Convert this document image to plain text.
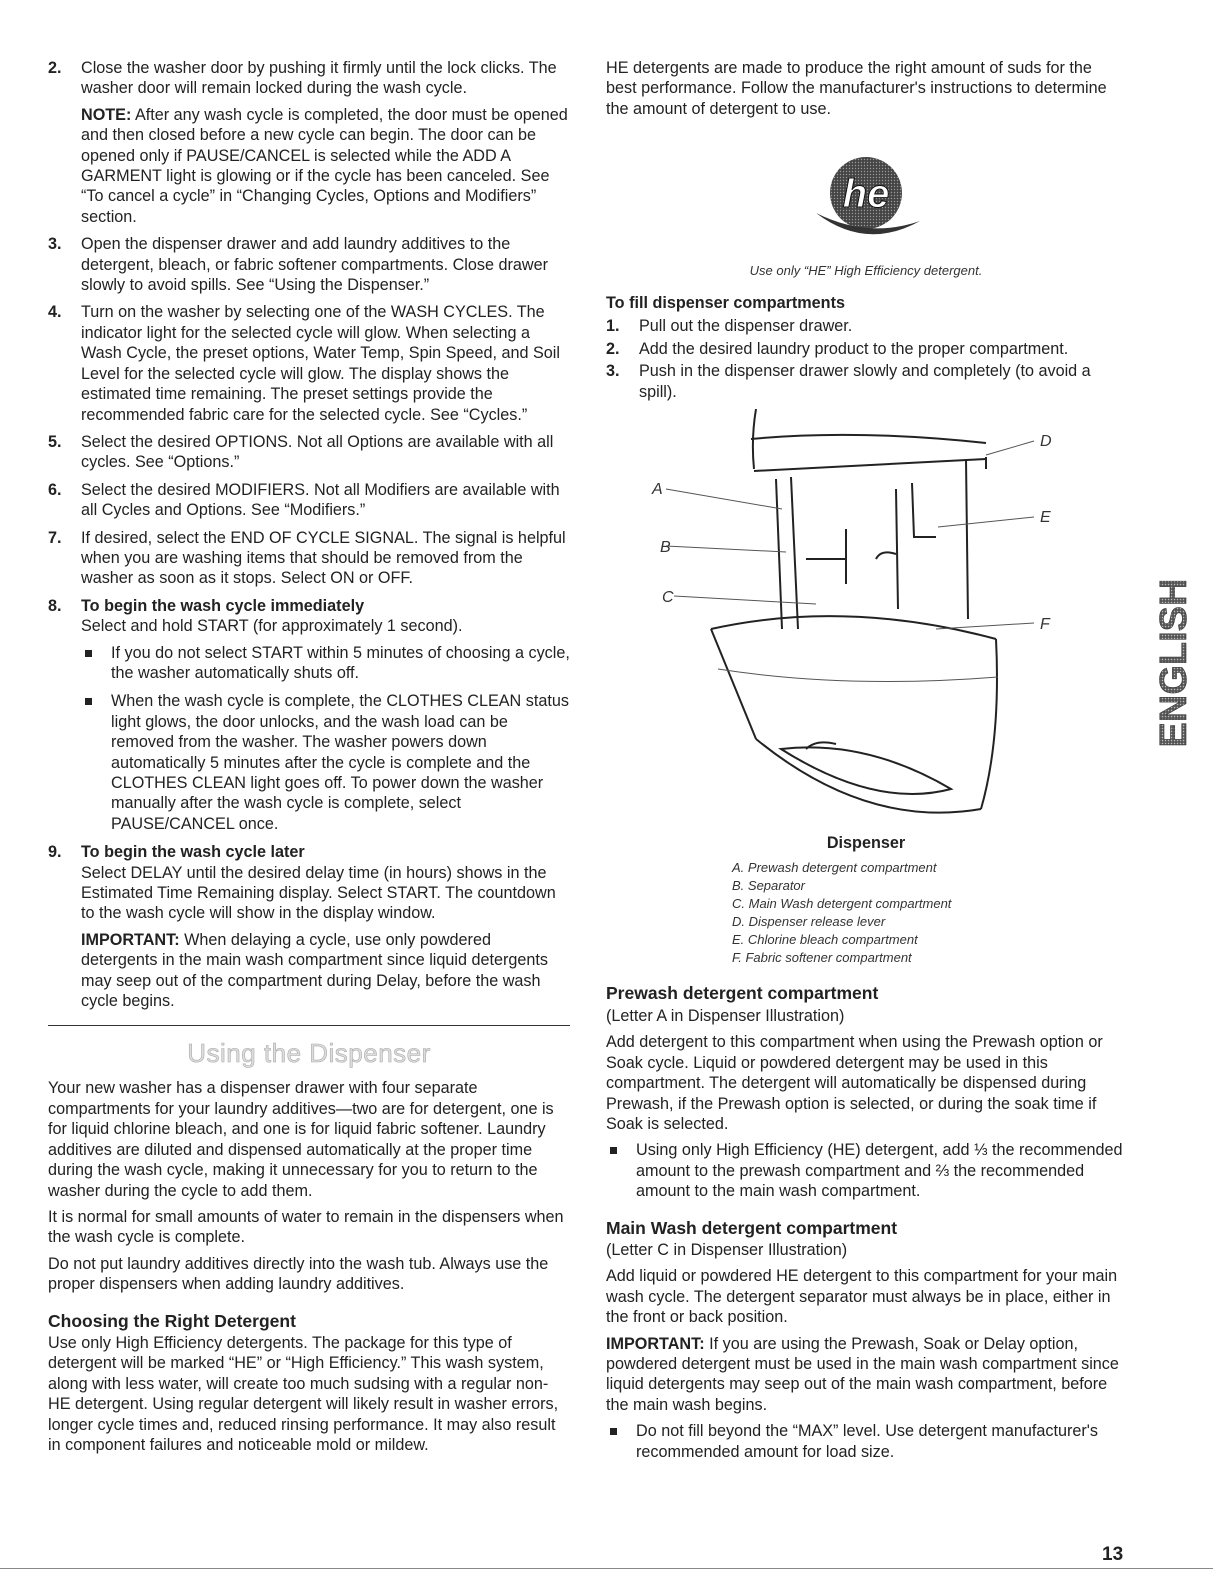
2. Close the washer door by pushing it firmly until the lock clicks. The washer door will remain locked during the wash cycle.

NOTE: After any wash cycle is completed, the door must be opened and then closed before a new cycle can begin. The door can be opened only if PAUSE/CANCEL is selected while the ADD A GARMENT light is glowing or if the cycle has been canceled. See “To cancel a cycle” in “Changing Cycles, Options and Modifiers” section.

3. Open the dispenser drawer and add laundry additives to the detergent, bleach, or fabric softener compartments. Close drawer slowly to avoid spills. See “Using the Dispenser.”

4. Turn on the washer by selecting one of the WASH CYCLES. The indicator light for the selected cycle will glow. When selecting a Wash Cycle, the preset options, Water Temp, Spin Speed, and Soil Level for the selected cycle will glow. The display shows the estimated time remaining. The preset settings provide the recommended fabric care for the selected cycle. See “Cycles.”

5. Select the desired OPTIONS. Not all Options are available with all cycles. See “Options.”

6. Select the desired MODIFIERS. Not all Modifiers are available with all Cycles and Options. See “Modifiers.”

7. If desired, select the END OF CYCLE SIGNAL. The signal is helpful when you are washing items that should be removed from the washer as soon as it stops. Select ON or OFF.

8. To begin the wash cycle immediately

Select and hold START (for approximately 1 second).

If you do not select START within 5 minutes of choosing a cycle, the washer automatically shuts off.
When the wash cycle is complete, the CLOTHES CLEAN status light glows, the door unlocks, and the wash load can be removed from the washer. The washer powers down automatically 5 minutes after the cycle is complete and the CLOTHES CLEAN light goes off. To power down the washer manually after the wash cycle is complete, select PAUSE/CANCEL once.
9. To begin the wash cycle later

Select DELAY until the desired delay time (in hours) shows in the Estimated Time Remaining display. Select START. The countdown to the wash cycle will show in the display window.

IMPORTANT: When delaying a cycle, use only powdered detergents in the main wash compartment since liquid detergents may seep out of the compartment during Delay, before the wash cycle begins.

Using the Dispenser

Your new washer has a dispenser drawer with four separate compartments for your laundry additives—two are for detergent, one is for liquid chlorine bleach, and one is for liquid fabric softener. Laundry additives are diluted and dispensed automatically at the proper time during the wash cycle, making it unnecessary for you to return to the washer during the cycle to add them.

It is normal for small amounts of water to remain in the dispensers when the wash cycle is complete.

Do not put laundry additives directly into the wash tub. Always use the proper dispensers when adding laundry additives.

Choosing the Right Detergent

Use only High Efficiency detergents. The package for this type of detergent will be marked “HE” or “High Efficiency.” This wash system, along with less water, will create too much sudsing with a regular non-HE detergent. Using regular detergent will likely result in washer errors, longer cycle times and, reduced rinsing performance. It may also result in component failures and noticeable mold or mildew.

HE detergents are made to produce the right amount of suds for the best performance. Follow the manufacturer's instructions to determine the amount of detergent to use.

he
Use only “HE” High Efficiency detergent.
To fill dispenser compartments
1. Pull out the dispenser drawer.

2. Add the desired laundry product to the proper compartment.

3. Push in the dispenser drawer slowly and completely (to avoid a spill).

A
B
C
D
E
F
Dispenser
A. Prewash detergent compartment
B. Separator
C. Main Wash detergent compartment
D. Dispenser release lever
E. Chlorine bleach compartment
F. Fabric softener compartment
Prewash detergent compartment

(Letter A in Dispenser Illustration)

Add detergent to this compartment when using the Prewash option or Soak cycle. Liquid or powdered detergent may be used in this compartment. The detergent will automatically be dispensed during Prewash, if the Prewash option is selected, or during the soak time if Soak is selected.

Using only High Efficiency (HE) detergent, add ⅓ the recommended amount to the prewash compartment and ⅔ the recommended amount to the main wash compartment.
Main Wash detergent compartment

(Letter C in Dispenser Illustration)

Add liquid or powdered HE detergent to this compartment for your main wash cycle. The detergent separator must always be in place, either in the front or back position.

IMPORTANT: If you are using the Prewash, Soak or Delay option, powdered detergent must be used in the main wash compartment since liquid detergents may seep out of the main wash compartment, before the main wash begins.

Do not fill beyond the “MAX” level. Use detergent manufacturer's recommended amount for load size.
ENGLISH
13
